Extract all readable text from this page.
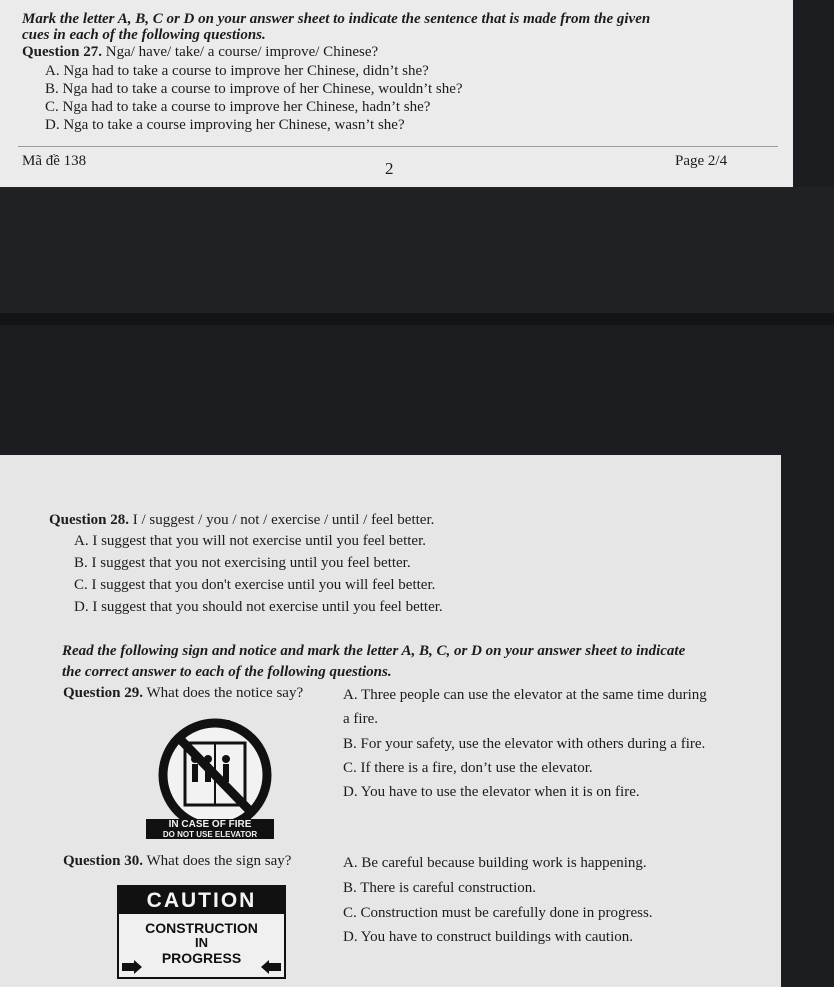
Mark the letter A, B, C or D on your answer sheet to indicate the sentence that is made from the given
cues in each of the following questions.
Question 27. Nga/ have/ take/ a course/ improve/ Chinese?
A. Nga had to take a course to improve her Chinese, didn’t she?
B. Nga had to take a course to improve of her Chinese, wouldn’t she?
C. Nga had to take a course to improve her Chinese, hadn’t she?
D. Nga to take a course improving her Chinese, wasn’t she?
Mã đề 138	2	Page 2/4
Question 28. I / suggest / you / not / exercise / until / feel better.
A. I suggest that you will not exercise until you feel better.
B. I suggest that you not exercising until you feel better.
C. I suggest that you don't exercise until you will feel better.
D. I suggest that you should not exercise until you feel better.
Read the following sign and notice and mark the letter A, B, C, or D on your answer sheet to indicate
the correct answer to each of the following questions.
Question 29. What does the notice say?	A. Three people can use the elevator at the same time during
a fire.
B. For your safety, use the elevator with others during a fire.
C. If there is a fire, don’t use the elevator.
D. You have to use the elevator when it is on fire.
IN CASE OF FIRE
DO NOT USE ELEVATOR
Question 30. What does the sign say?	A. Be careful because building work is happening.
B. There is careful construction.
C. Construction must be carefully done in progress.
D. You have to construct buildings with caution.
CAUTION
CONSTRUCTION
IN
PROGRESS
